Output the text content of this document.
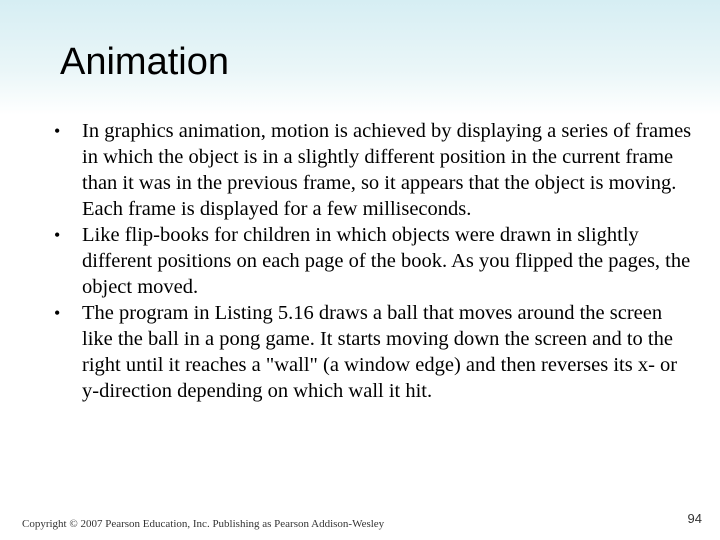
Animation
•	In graphics animation, motion is achieved by displaying a series of frames in which the object is in a slightly different position in the current frame than it was in the previous frame, so it appears that the object is moving. Each frame is displayed for a few milliseconds.
•	Like flip-books for children in which objects were drawn in slightly different positions on each page of the book. As you flipped the pages, the object moved.
•	The program in Listing 5.16 draws a ball that moves around the screen like the ball in a pong game. It starts moving down the screen and to the right until it reaches a "wall" (a window edge) and then reverses its x- or y-direction depending on which wall it hit.
Copyright © 2007 Pearson Education, Inc. Publishing as Pearson Addison-Wesley	94
